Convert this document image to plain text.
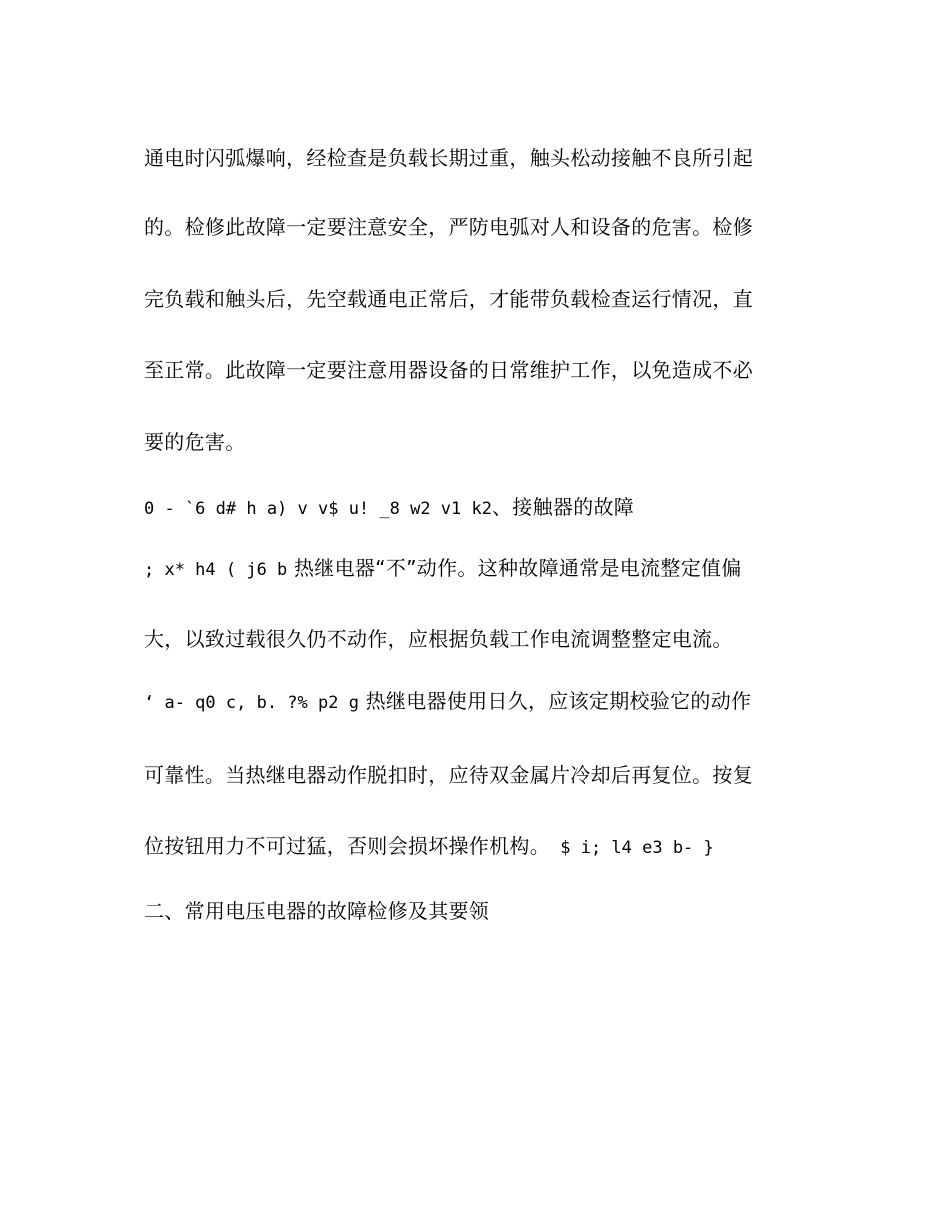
通电时闪弧爆响，经检查是负载长期过重，触头松动接触不良所引起
的。检修此故障一定要注意安全，严防电弧对人和设备的危害。检修
完负载和触头后，先空载通电正常后，才能带负载检查运行情况，直
至正常。此故障一定要注意用器设备的日常维护工作，以免造成不必
要的危害。
0 - `6 d# h a) v v$ u! _8 w2 v1 k2、接触器的故障
; x* h4 ( j6 b 热继电器“不”动作。这种故障通常是电流整定值偏
大，以致过载很久仍不动作，应根据负载工作电流调整整定电流。
‘ a- q0 c, b. ?% p2 g 热继电器使用日久，应该定期校验它的动作
可靠性。当热继电器动作脱扣时，应待双金属片冷却后再复位。按复
位按钮用力不可过猛，否则会损坏操作机构。 $ i; l4 e3 b- }
二、常用电压电器的故障检修及其要领
